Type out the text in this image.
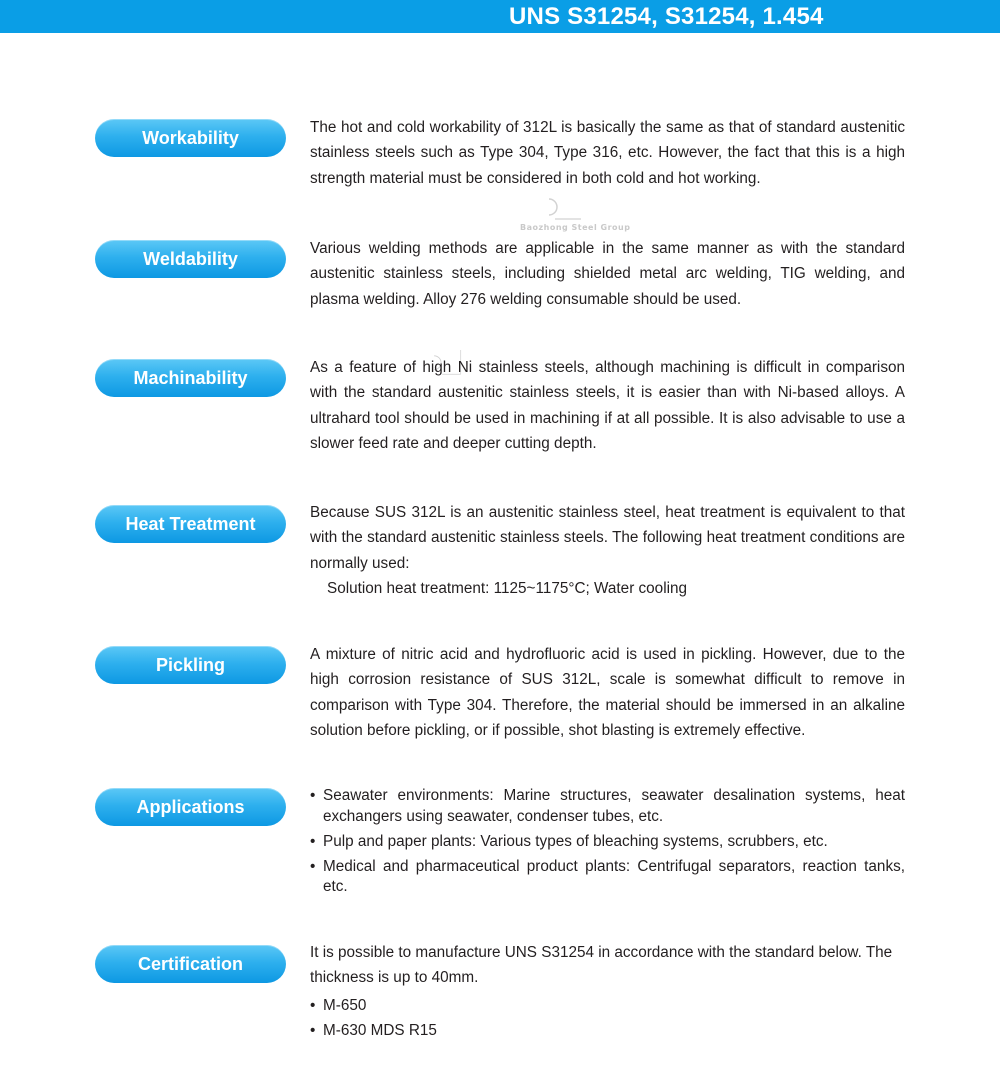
UNS S31254, S31254, 1.454
Baozhong Steel Group
Workability

The hot and cold workability of 312L is basically the same as that of standard austenitic stainless steels such as Type 304, Type 316, etc. However, the fact that this is a high strength material must be considered in both cold and hot working.

Weldability

Various welding methods are applicable in the same manner as with the standard austenitic stainless steels, including shielded metal arc welding, TIG welding, and plasma welding. Alloy 276 welding consumable should be used.

Machinability

As a feature of high Ni stainless steels, although machining is difficult in comparison with the standard austenitic stainless steels, it is easier than with Ni-based alloys. A ultrahard tool should be used in machining if at all possible. It is also advisable to use a slower feed rate and deeper cutting depth.

Heat Treatment

Because SUS 312L is an austenitic stainless steel, heat treatment is equivalent to that with the standard austenitic stainless steels. The following heat treatment conditions are normally used:

Solution heat treatment: 1125~1175°C; Water cooling

Pickling

A mixture of nitric acid and hydrofluoric acid is used in pickling. However, due to the high corrosion resistance of SUS 312L, scale is somewhat difficult to remove in comparison with Type 304. Therefore, the material should be immersed in an alkaline solution before pickling, or if possible, shot blasting is extremely effective.

Applications
• Seawater environments: Marine structures, seawater desalination systems, heat exchangers using seawater, condenser tubes, etc.
• Pulp and paper plants: Various types of bleaching systems, scrubbers, etc.
• Medical and pharmaceutical product plants: Centrifugal separators, reaction tanks, etc.
Certification

It is possible to manufacture UNS S31254 in accordance with the standard below. The thickness is up to 40mm.

• M-650
• M-630 MDS R15
